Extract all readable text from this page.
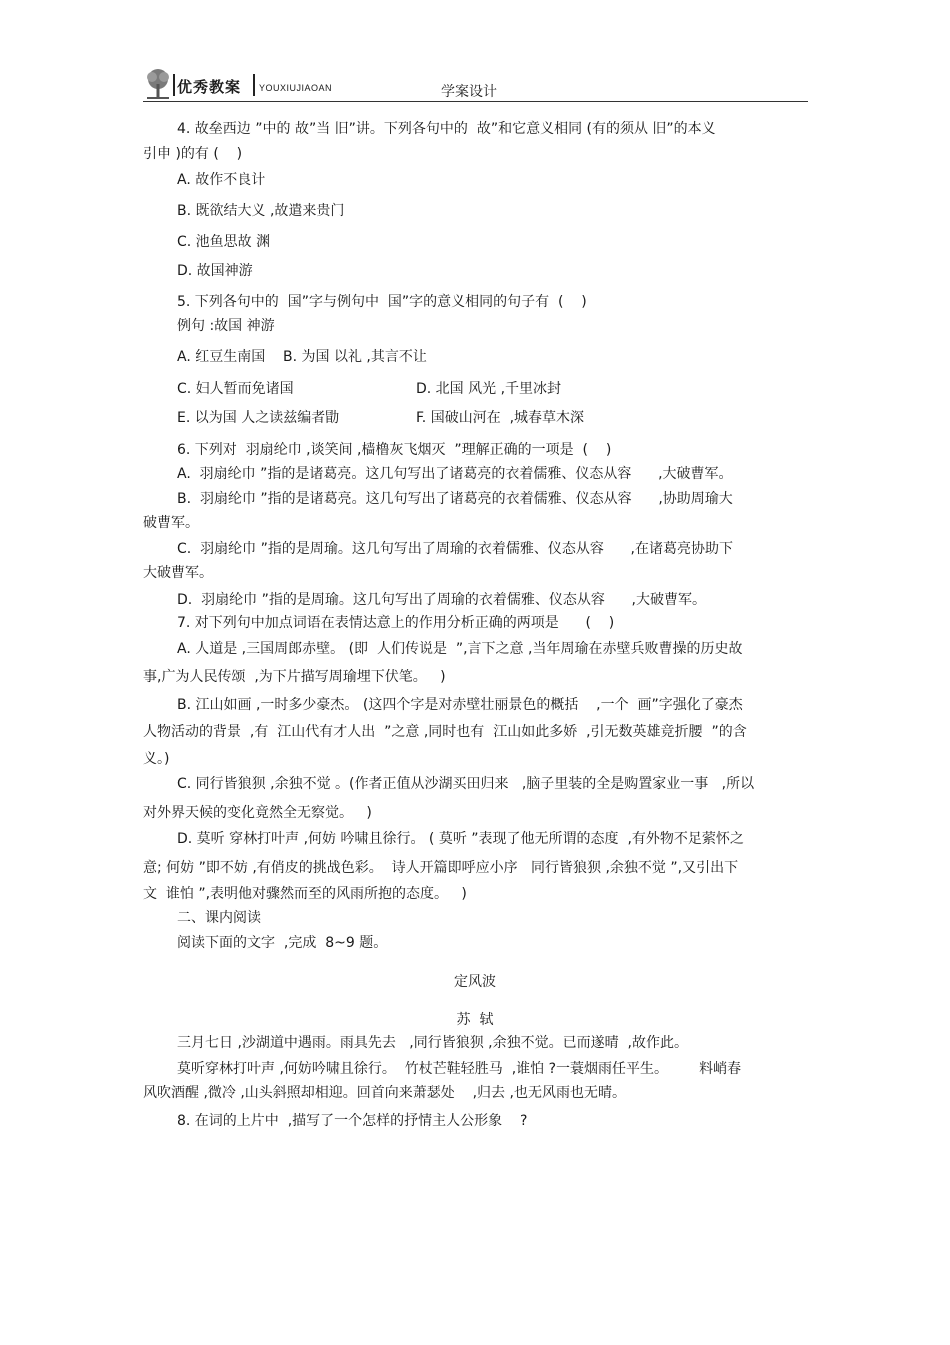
优秀教案 YOUXIUJIAOAN	学案设计
4. 故垒西边 ”中的 故”当 旧”讲。下列各句中的  故”和它意义相同 (有的须从 旧”的本义
引申 )的有 (    )
A. 故作不良计
B. 既欲结大义 ,故遣来贵门
C. 池鱼思故 渊
D. 故国神游
5. 下列各句中的  国”字与例句中  国”字的意义相同的句子有  (    )
例句 :故国 神游
A. 红豆生南国    B. 为国 以礼 ,其言不让
C. 妇人暂而免诸国	D. 北国 风光 ,千里冰封
E. 以为国 人之读兹编者勖	F. 国破山河在  ,城春草木深
6. 下列对  羽扇纶巾 ,谈笑间 ,樯橹灰飞烟灭  ”理解正确的一项是  (    )
A.  羽扇纶巾 ”指的是诸葛亮。这几句写出了诸葛亮的衣着儒雅、仪态从容      ,大破曹军。
B.  羽扇纶巾 ”指的是诸葛亮。这几句写出了诸葛亮的衣着儒雅、仪态从容      ,协助周瑜大
破曹军。
C.  羽扇纶巾 ”指的是周瑜。这几句写出了周瑜的衣着儒雅、仪态从容      ,在诸葛亮协助下
大破曹军。
D.  羽扇纶巾 ”指的是周瑜。这几句写出了周瑜的衣着儒雅、仪态从容      ,大破曹军。
7. 对下列句中加点词语在表情达意上的作用分析正确的两项是      (    )
A. 人道是 ,三国周郎赤壁。 (即  人们传说是  ”,言下之意 ,当年周瑜在赤壁兵败曹操的历史故
事,广为人民传颂  ,为下片描写周瑜埋下伏笔。   )
B. 江山如画 ,一时多少豪杰。 (这四个字是对赤壁壮丽景色的概括    ,一个  画”字强化了豪杰
人物活动的背景  ,有  江山代有才人出  ”之意 ,同时也有  江山如此多娇  ,引无数英雄竞折腰  ”的含
义。)
C. 同行皆狼狈 ,余独不觉 。(作者正值从沙湖买田归来   ,脑子里装的全是购置家业一事   ,所以
对外界天候的变化竟然全无察觉。   )
D. 莫听 穿林打叶声 ,何妨 吟啸且徐行。 ( 莫听 ”表现了他无所谓的态度  ,有外物不足萦怀之
意; 何妨 ”即不妨 ,有俏皮的挑战色彩。  诗人开篇即呼应小序   同行皆狼狈 ,余独不觉 ”,又引出下
文  谁怕 ”,表明他对骤然而至的风雨所抱的态度。   )
二、课内阅读
阅读下面的文字  ,完成  8~9 题。
定风波
苏  轼
三月七日 ,沙湖道中遇雨。雨具先去   ,同行皆狼狈 ,余独不觉。已而遂晴  ,故作此。
莫听穿林打叶声 ,何妨吟啸且徐行。  竹杖芒鞋轻胜马  ,谁怕 ?一蓑烟雨任平生。       料峭春
风吹酒醒 ,微冷 ,山头斜照却相迎。回首向来萧瑟处    ,归去 ,也无风雨也无晴。
8. 在词的上片中  ,描写了一个怎样的抒情主人公形象    ?
